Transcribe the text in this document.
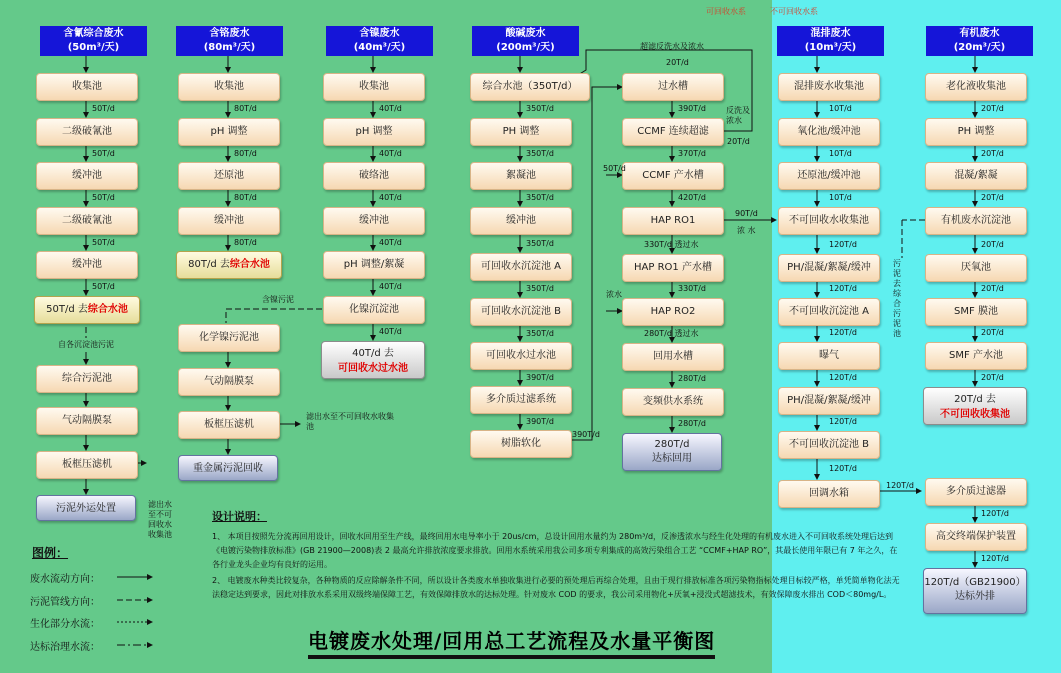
可回收水系	不可回收水系
含氰综合废水
(50m³/天)
含铬废水
(80m³/天)
含镍废水
(40m³/天)
酸碱废水
(200m³/天)
混排废水
(10m³/天)
有机废水
(20m³/天)
收集池
二级破氰池
缓冲池
二级破氰池
缓冲池
50T/d
50T/d
50T/d
50T/d
50T/d
50T/d 去综合水池
自各沉淀池污泥
综合污泥池
气动隔膜泵
板框压滤机
污泥外运处置	滤出水至不可回收水收集池
收集池
pH 调整
还原池
缓冲池
80T/d
80T/d
80T/d
80T/d
80T/d 去综合水池
含镍污泥
化学镍污泥池
气动隔膜泵
板框压滤机
重金属污泥回收
滤出水至不可回收水收集池
收集池
pH 调整
破络池
缓冲池
pH 调整/絮凝
化镍沉淀池
40T/d
40T/d
40T/d
40T/d
40T/d
40T/d
40T/d 去
可回收水过水池
综合水池（350T/d）
PH 调整
絮凝池
缓冲池
可回收水沉淀池 A
可回收水沉淀池 B
可回收水过水池
多介质过滤系统
树脂软化
350T/d
350T/d
350T/d
350T/d
350T/d
350T/d
390T/d
390T/d
390T/d
超滤反洗水及浓水
20T/d
过水槽
CCMF 连续超滤
CCMF 产水槽
HAP RO1
HAP RO1 产水槽
HAP RO2
回用水槽
变频供水系统
390T/d
370T/d
420T/d
330T/d 透过水
330T/d
280T/d 透过水
280T/d
280T/d
反洗及浓水
20T/d
50T/d
浓水
90T/d
浓 水
280T/d
达标回用
混排废水收集池
氧化池/缓冲池
还原池/缓冲池
不可回收水收集池
PH/混凝/絮凝/缓冲
不可回收沉淀池 A
曝气
PH/混凝/絮凝/缓冲
不可回收沉淀池 B
回调水箱
10T/d
10T/d
10T/d
120T/d
120T/d
120T/d
120T/d
120T/d
120T/d
120T/d
老化液收集池
PH 调整
混凝/絮凝
有机废水沉淀池
厌氧池
SMF 膜池
SMF 产水池
20T/d
20T/d
20T/d
20T/d
20T/d
20T/d
20T/d
污泥去综合污泥池
20T/d 去
不可回收收集池
多介质过滤器
高交终端保护装置
120T/d
120T/d
120T/d（GB21900）
达标外排
设计说明：

1、 本项目按照先分流再回用设计，回收水回用至生产线，最终回用水电导率小于 20us/cm，总设计回用水量约为 280m³/d，反渗透浓水与经生化处理的有机废水进入不可回收系统处理后达到《电镀污染物排放标准》(GB 21900—2008)表 2 最高允许排放浓度要求排放。回用水系统采用我公司多项专利集成的高效污染组合工艺 “CCMF+HAP RO”，其最长使用年限已有 7 年之久，在各行业龙头企业均有良好的运用。

2、 电镀废水种类比较复杂，各种物质的反应除解条件不同，所以设计各类废水单独收集进行必要的预处理后再综合处理，且由于现行排放标准各项污染物指标处理目标较严格，单凭简单物化法无法稳定达到要求，因此对排放水系采用双级终端保障工艺，有效保障排放水的达标处理。针对废水 COD 的要求，我公司采用物化+厌氧+浸没式超滤技术，有效保障废水排出 COD＜80mg/L。

图例：
废水流动方向：
污泥管线方向：
生化部分水流：
达标治理水流：	电镀废水处理/回用总工艺流程及水量平衡图
